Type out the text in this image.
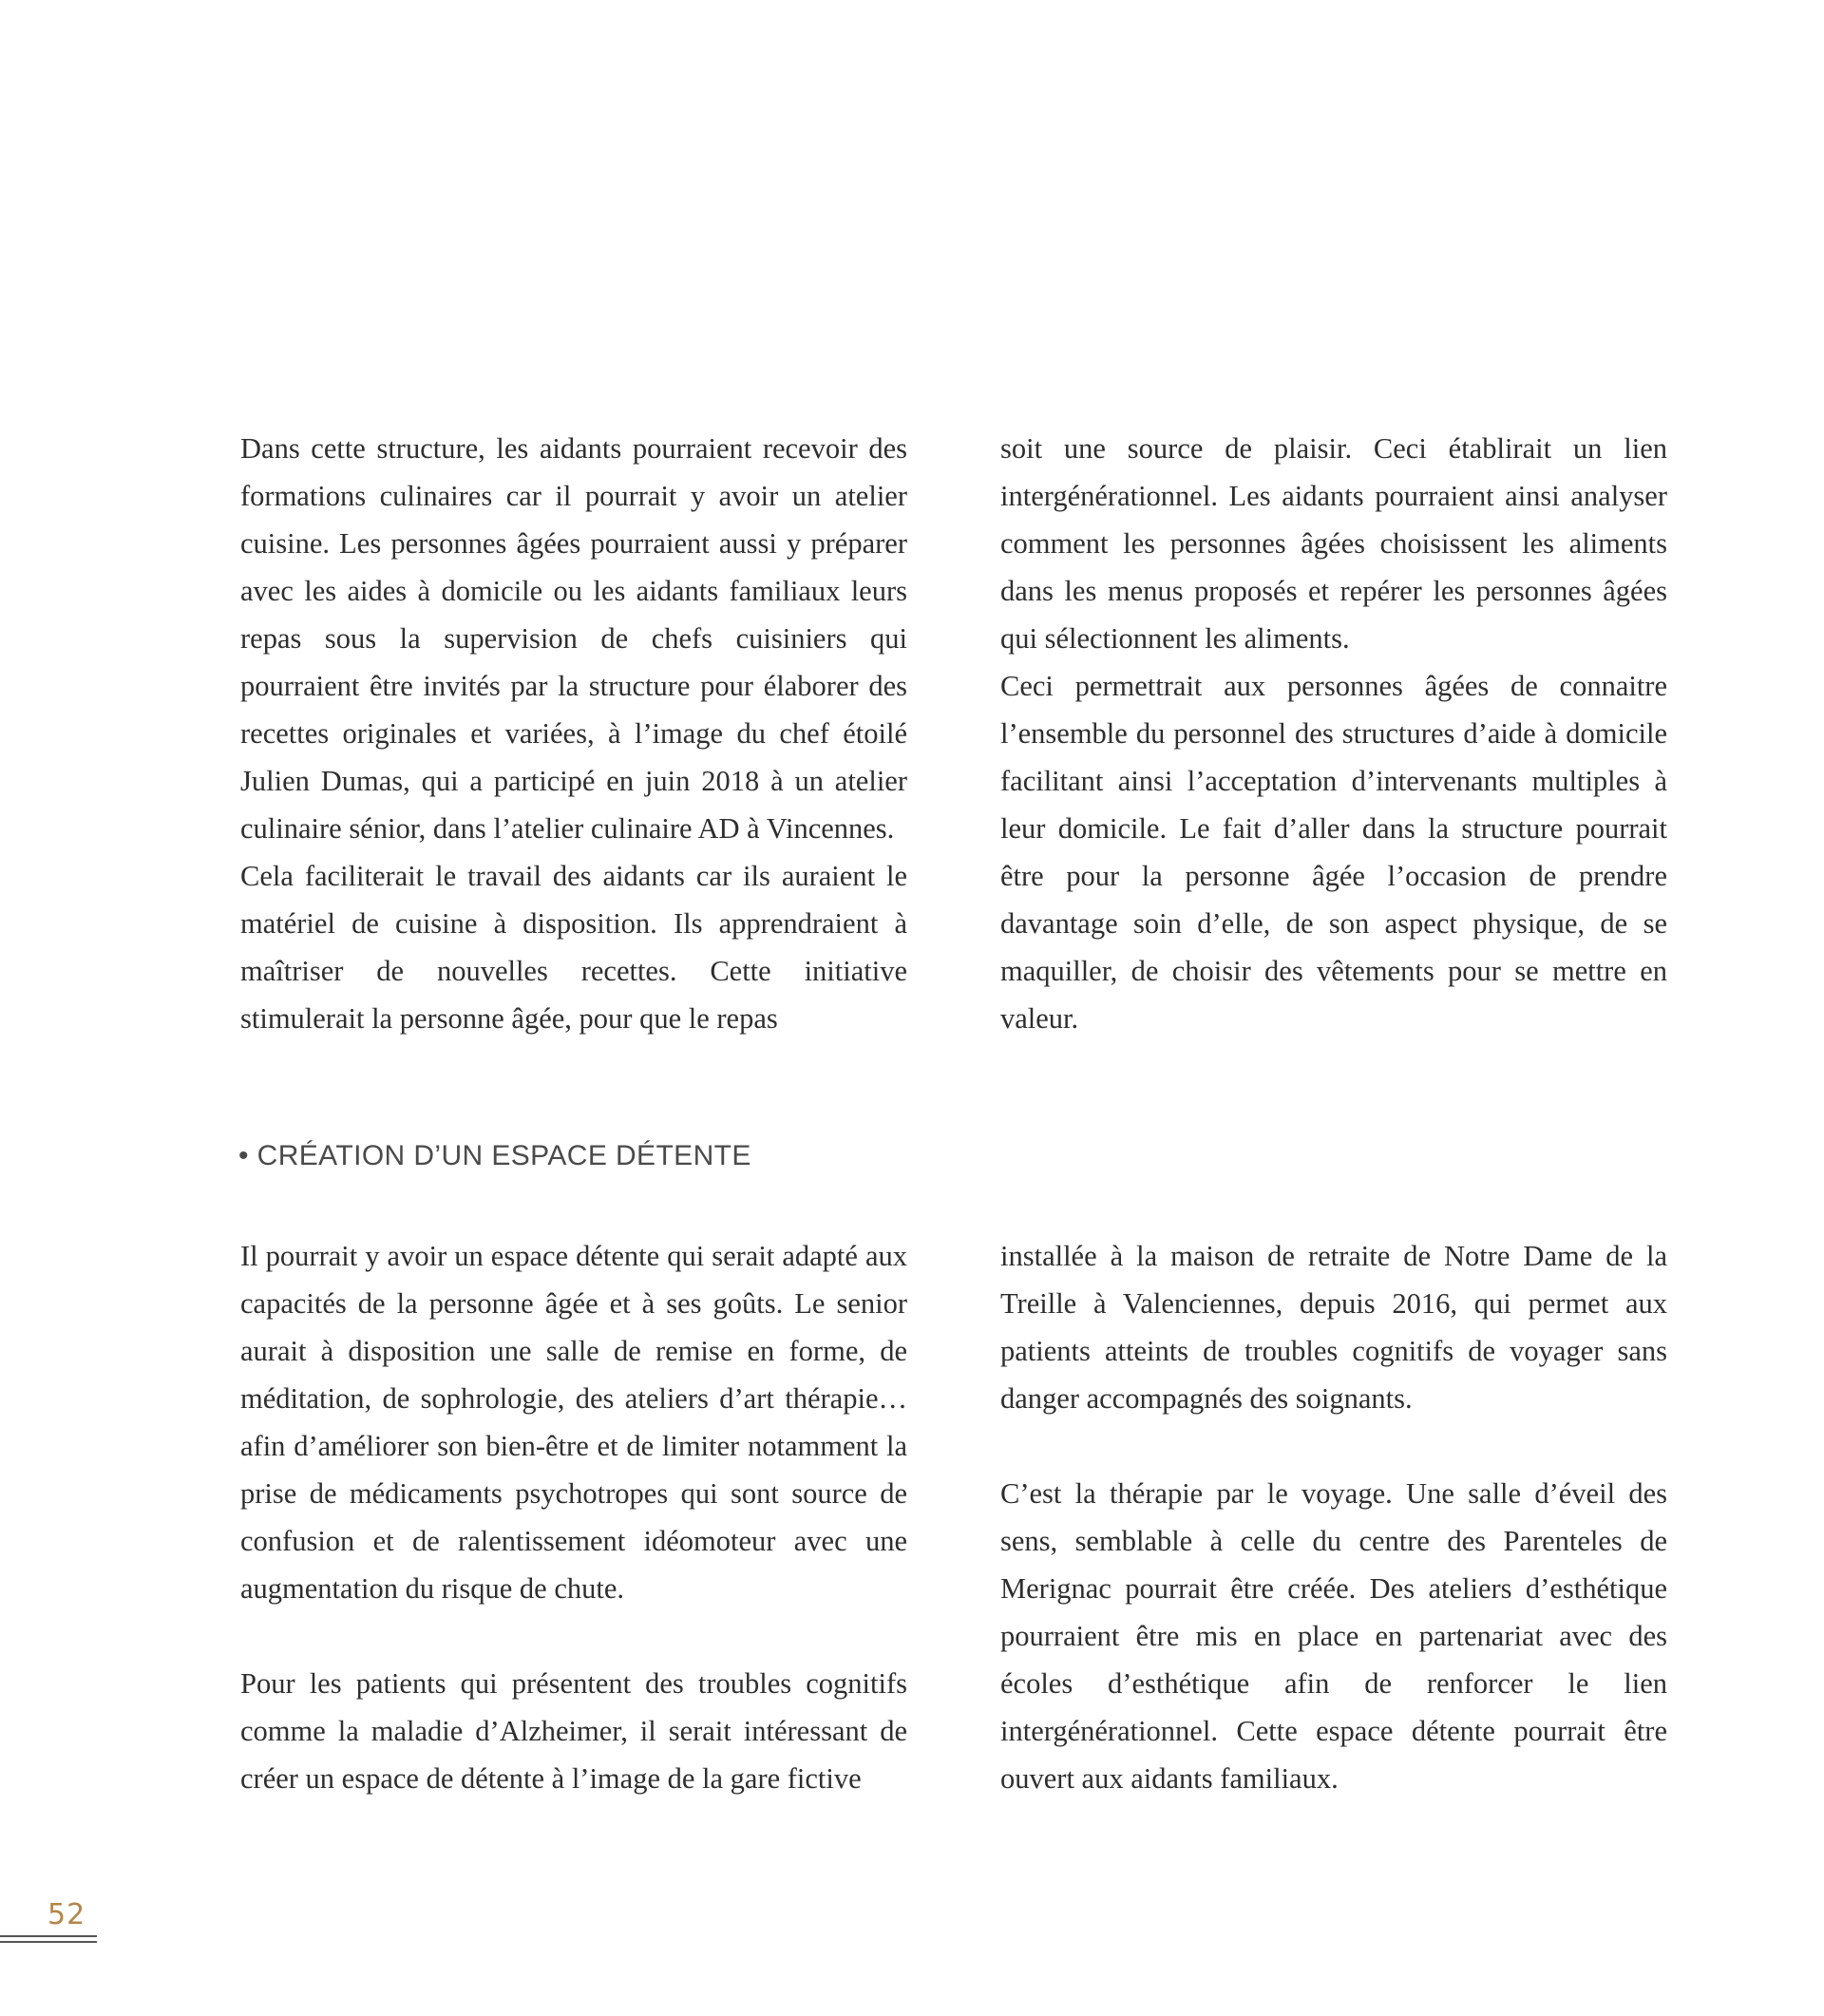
Dans cette structure, les aidants pourraient recevoir des formations culinaires car il pourrait y avoir un atelier cuisine. Les personnes âgées pourraient aussi y préparer avec les aides à domicile ou les aidants familiaux leurs repas sous la supervision de chefs cuisiniers qui pourraient être invités par la structure pour élaborer des recettes originales et variées, à l’image du chef étoilé Julien Dumas, qui a participé en juin 2018 à un atelier culinaire sénior, dans l’atelier culinaire AD à Vincennes.

Cela faciliterait le travail des aidants car ils auraient le matériel de cuisine à disposition. Ils apprendraient à maîtriser de nouvelles recettes. Cette initiative stimulerait la personne âgée, pour que le repas

soit une source de plaisir. Ceci établirait un lien intergénérationnel. Les aidants pourraient ainsi analyser comment les personnes âgées choisissent les aliments dans les menus proposés et repérer les personnes âgées qui sélectionnent les aliments.

Ceci permettrait aux personnes âgées de connaitre l’ensemble du personnel des structures d’aide à domicile facilitant ainsi l’acceptation d’intervenants multiples à leur domicile. Le fait d’aller dans la structure pourrait être pour la personne âgée l’occasion de prendre davantage soin d’elle, de son aspect physique, de se maquiller, de choisir des vêtements pour se mettre en valeur.

• CRÉATION D’UN ESPACE DÉTENTE

Il pourrait y avoir un espace détente qui serait adapté aux capacités de la personne âgée et à ses goûts. Le senior aurait à disposition une salle de remise en forme, de méditation, de sophrologie, des ateliers d’art thérapie…afin d’améliorer son bien-être et de limiter notamment la prise de médicaments psychotropes qui sont source de confusion et de ralentissement idéomoteur avec une augmentation du risque de chute.

Pour les patients qui présentent des troubles cognitifs comme la maladie d’Alzheimer, il serait intéressant de créer un espace de détente à l’image de la gare fictive

installée à la maison de retraite de Notre Dame de la Treille à Valenciennes, depuis 2016, qui permet aux patients atteints de troubles cognitifs de voyager sans danger accompagnés des soignants.

C’est la thérapie par le voyage. Une salle d’éveil des sens, semblable à celle du centre des Parenteles de Merignac pourrait être créée. Des ateliers d’esthétique pourraient être mis en place en partenariat avec des écoles d’esthétique afin de renforcer le lien intergénérationnel. Cette espace détente pourrait être ouvert aux aidants familiaux.

52
